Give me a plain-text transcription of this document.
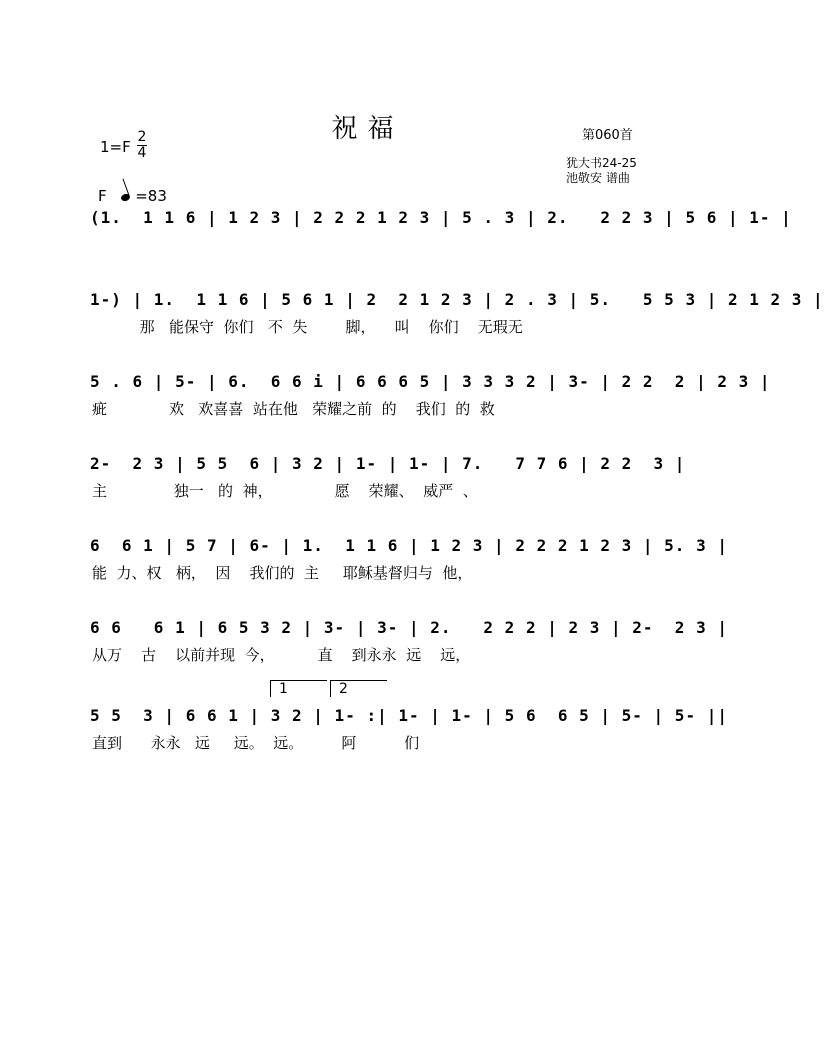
祝福	第060首
1=F
2
4
犹大书24-25
池敬安 谱曲
F =83
(1.  1 1 6 | 1 2 3 | 2 2 2 1 2 3 | 5 . 3 | 2.   2 2 3 | 5 6 | 1- |
1-) | 1.  1 1 6 | 5 6 1 | 2  2 1 2 3 | 2 . 3 | 5.   5 5 3 | 2 1 2 3 |
那   能保守  你们   不  失        脚，    叫    你们    无瑕无
5 . 6 | 5- | 6.  6 6 i | 6 6 6 5 | 3 3 3 2 | 3- | 2 2  2 | 2 3 |
疵             欢   欢喜喜  站在他   荣耀之前  的    我们  的  救
2-  2 3 | 5 5  6 | 3 2 | 1- | 1- | 7.   7 7 6 | 2 2  3 |
主              独一   的  神，             愿    荣耀、  威严  、
6  6 1 | 5 7 | 6- | 1.  1 1 6 | 1 2 3 | 2 2 2 1 2 3 | 5. 3 |
能  力、权   柄，  因    我们的  主     耶稣基督归与  他，
6 6   6 1 | 6 5 3 2 | 3- | 3- | 2.   2 2 2 | 2 3 | 2-  2 3 |
从万    古    以前并现  今，         直    到永永  远    远，
1	2
5 5  3 | 6 6 1 | 3 2 | 1- :| 1- | 1- | 5 6  6 5 | 5- | 5- ||
直到      永永   远     远。  远。        阿          们
